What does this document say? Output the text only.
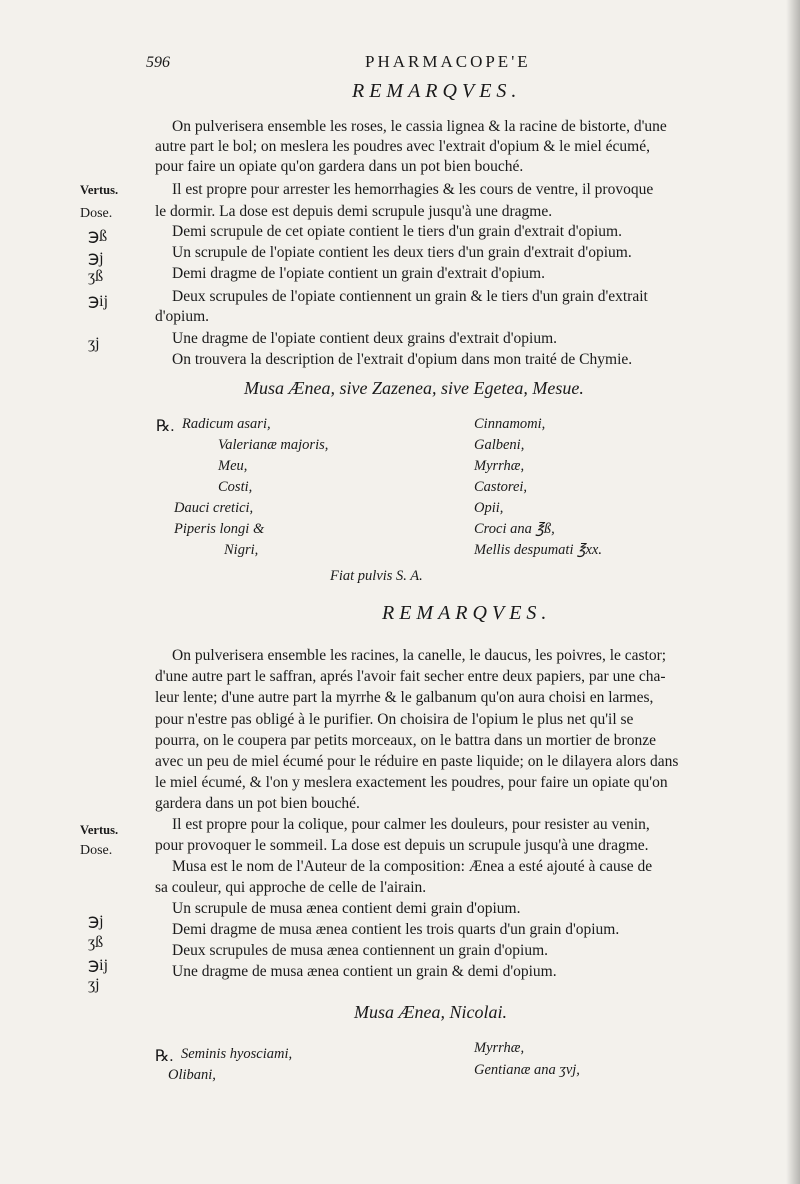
596	PHARMACOPE'E
REMARQVES.
On pulverisera ensemble les roses, le cassia lignea & la racine de bistorte, d'une
autre part le bol; on meslera les poudres avec l'extrait d'opium & le miel écumé,
pour faire un opiate qu'on gardera dans un pot bien bouché.
Il est propre pour arrester les hemorrhagies & les cours de ventre, il provoque
le dormir. La dose est depuis demi scrupule jusqu'à une dragme.
Demi scrupule de cet opiate contient le tiers d'un grain d'extrait d'opium.
Un scrupule de l'opiate contient les deux tiers d'un grain d'extrait d'opium.
Demi dragme de l'opiate contient un grain d'extrait d'opium.
Deux scrupules de l'opiate contiennent un grain & le tiers d'un grain d'extrait
d'opium.
Une dragme de l'opiate contient deux grains d'extrait d'opium.
On trouvera la description de l'extrait d'opium dans mon traité de Chymie.
Vertus.
Dose.
℈ß
℈j
ʒß
℈ij
ʒj
Musa Ænea, sive Zazenea, sive Egetea, Mesue.
℞. Radicum asari,
Valerianæ majoris,
Meu,
Costi,
Dauci cretici,
Piperis longi &
Nigri,
Cinnamomi,
Galbeni,
Myrrhæ,
Castorei,
Opii,
Croci ana ℥ß,
Mellis despumati ℥xx.
Fiat pulvis S. A.
REMARQVES.
On pulverisera ensemble les racines, la canelle, le daucus, les poivres, le castor;
d'une autre part le saffran, aprés l'avoir fait secher entre deux papiers, par une cha-
leur lente; d'une autre part la myrrhe & le galbanum qu'on aura choisi en larmes,
pour n'estre pas obligé à le purifier. On choisira de l'opium le plus net qu'il se
pourra, on le coupera par petits morceaux, on le battra dans un mortier de bronze
avec un peu de miel écumé pour le réduire en paste liquide; on le dilayera alors dans
le miel écumé, & l'on y meslera exactement les poudres, pour faire un opiate qu'on
gardera dans un pot bien bouché.
Il est propre pour la colique, pour calmer les douleurs, pour resister au venin,
pour provoquer le sommeil. La dose est depuis un scrupule jusqu'à une dragme.
Musa est le nom de l'Auteur de la composition: Ænea a esté ajouté à cause de
sa couleur, qui approche de celle de l'airain.
Un scrupule de musa ænea contient demi grain d'opium.
Demi dragme de musa ænea contient les trois quarts d'un grain d'opium.
Deux scrupules de musa ænea contiennent un grain d'opium.
Une dragme de musa ænea contient un grain & demi d'opium.
Vertus.
Dose.
℈j
ʒß
℈ij
ʒj
Musa Ænea, Nicolai.
℞. Seminis hyosciami,
Olibani,
Myrrhæ,
Gentianæ ana ʒvj,
